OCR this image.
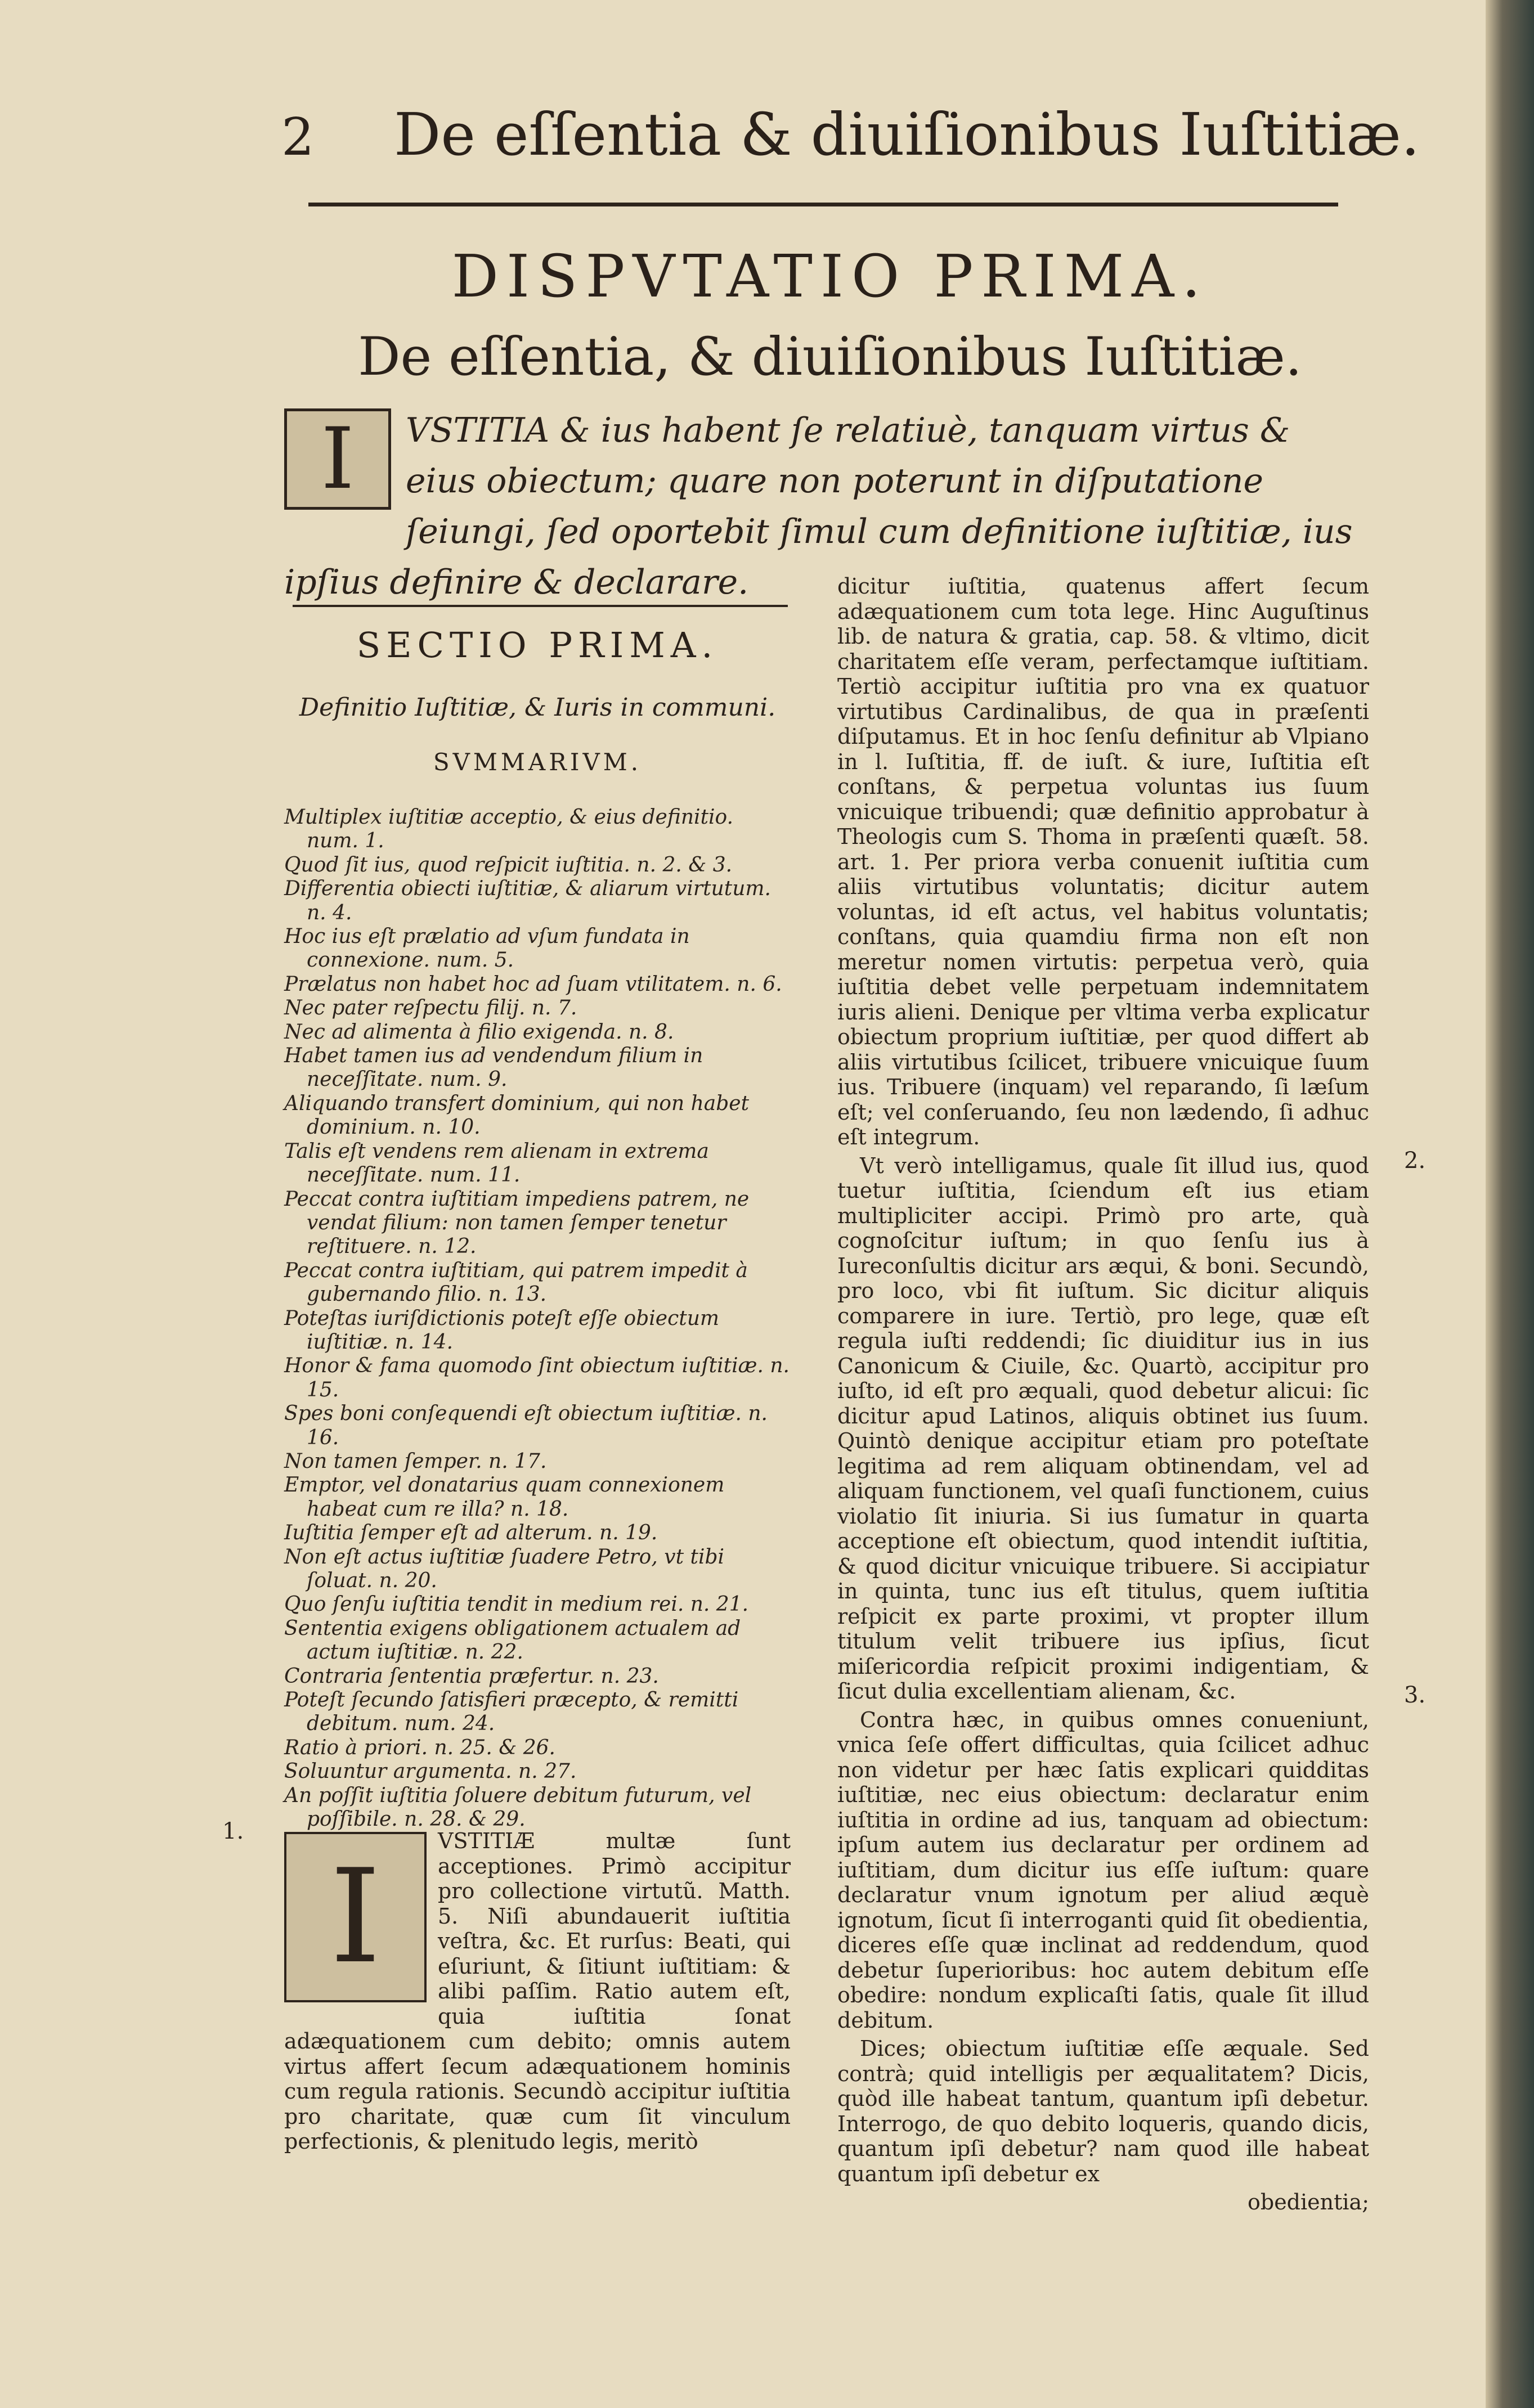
2 De eſſentia & diuiſionibus Iuſtitiæ.
DISPVTATIO PRIMA.
De eſſentia, & diuiſionibus Iuſtitiæ.
I	VSTITIA & ius habent ſe relatiuè, tanquam virtus & eius obiectum; quare non poterunt in diſputatione ſeiungi, ſed oportebit ſimul cum definitione iuſtitiæ, ius ipſius definire & declarare.
SECTIO PRIMA.
Definitio Iuſtitiæ, & Iuris in communi.
SVMMARIVM.
Multiplex iuſtitiæ acceptio, & eius definitio. num. 1.
Quod ſit ius, quod reſpicit iuſtitia. n. 2. & 3.
Differentia obiecti iuſtitiæ, & aliarum virtutum. n. 4.
Hoc ius eſt prælatio ad vſum fundata in connexione. num. 5.
Prælatus non habet hoc ad ſuam vtilitatem. n. 6.
Nec pater reſpectu filij. n. 7.
Nec ad alimenta à filio exigenda. n. 8.
Habet tamen ius ad vendendum filium in neceſſitate. num. 9.
Aliquando transfert dominium, qui non habet dominium. n. 10.
Talis eſt vendens rem alienam in extrema neceſſitate. num. 11.
Peccat contra iuſtitiam impediens patrem, ne vendat filium: non tamen ſemper tenetur reſtituere. n. 12.
Peccat contra iuſtitiam, qui patrem impedit à gubernando filio. n. 13.
Poteſtas iuriſdictionis poteſt eſſe obiectum iuſtitiæ. n. 14.
Honor & fama quomodo ſint obiectum iuſtitiæ. n. 15.
Spes boni conſequendi eſt obiectum iuſtitiæ. n. 16.
Non tamen ſemper. n. 17.
Emptor, vel donatarius quam connexionem habeat cum re illa? n. 18.
Iuſtitia ſemper eſt ad alterum. n. 19.
Non eſt actus iuſtitiæ ſuadere Petro, vt tibi ſoluat. n. 20.
Quo ſenſu iuſtitia tendit in medium rei. n. 21.
Sententia exigens obligationem actualem ad actum iuſtitiæ. n. 22.
Contraria ſententia præfertur. n. 23.
Poteſt ſecundo ſatisfieri præcepto, & remitti debitum. num. 24.
Ratio à priori. n. 25. & 26.
Soluuntur argumenta. n. 27.
An poſſit iuſtitia ſoluere debitum futurum, vel poſſibile. n. 28. & 29.
1.
2.
3.
I
VSTITIÆ multæ ſunt acceptiones. Primò accipitur pro collectione virtutũ. Matth. 5. Niſi abundauerit iuſtitia veſtra, &c. Et rurſus: Beati, qui eſuriunt, & ſitiunt iuſtitiam: & alibi paſſim. Ratio autem eſt, quia iuſtitia ſonat adæquationem cum debito; omnis autem virtus affert ſecum adæquationem hominis cum regula rationis. Secundò accipitur iuſtitia pro charitate, quæ cum ſit vinculum perfectionis, & plenitudo legis, meritò
dicitur iuſtitia, quatenus affert ſecum adæquationem cum tota lege. Hinc Auguſtinus lib. de natura & gratia, cap. 58. & vltimo, dicit charitatem eſſe veram, perfectamque iuſtitiam. Tertiò accipitur iuſtitia pro vna ex quatuor virtutibus Cardinalibus, de qua in præſenti diſputamus. Et in hoc ſenſu definitur ab Vlpiano in l. Iuſtitia, ff. de iuſt. & iure, Iuſtitia eſt conſtans, & perpetua voluntas ius ſuum vnicuique tribuendi; quæ definitio approbatur à Theologis cum S. Thoma in præſenti quæſt. 58. art. 1. Per priora verba conuenit iuſtitia cum aliis virtutibus voluntatis; dicitur autem voluntas, id eſt actus, vel habitus voluntatis; conſtans, quia quamdiu firma non eſt non meretur nomen virtutis: perpetua verò, quia iuſtitia debet velle perpetuam indemnitatem iuris alieni. Denique per vltima verba explicatur obiectum proprium iuſtitiæ, per quod differt ab aliis virtutibus ſcilicet, tribuere vnicuique ſuum ius. Tribuere (inquam) vel reparando, ſi læſum eſt; vel conſeruando, ſeu non lædendo, ſi adhuc eſt integrum.
Vt verò intelligamus, quale ſit illud ius, quod tuetur iuſtitia, ſciendum eſt ius etiam multipliciter accipi. Primò pro arte, quà cognoſcitur iuſtum; in quo ſenſu ius à Iureconſultis dicitur ars æqui, & boni. Secundò, pro loco, vbi fit iuſtum. Sic dicitur aliquis comparere in iure. Tertiò, pro lege, quæ eſt regula iuſti reddendi; ſic diuiditur ius in ius Canonicum & Ciuile, &c. Quartò, accipitur pro iuſto, id eſt pro æquali, quod debetur alicui: ſic dicitur apud Latinos, aliquis obtinet ius ſuum. Quintò denique accipitur etiam pro poteſtate legitima ad rem aliquam obtinendam, vel ad aliquam functionem, vel quaſi functionem, cuius violatio ſit iniuria. Si ius ſumatur in quarta acceptione eſt obiectum, quod intendit iuſtitia, & quod dicitur vnicuique tribuere. Si accipiatur in quinta, tunc ius eſt titulus, quem iuſtitia reſpicit ex parte proximi, vt propter illum titulum velit tribuere ius ipſius, ſicut miſericordia reſpicit proximi indigentiam, & ſicut dulia excellentiam alienam, &c.
Contra hæc, in quibus omnes conueniunt, vnica ſeſe offert difficultas, quia ſcilicet adhuc non videtur per hæc ſatis explicari quidditas iuſtitiæ, nec eius obiectum: declaratur enim iuſtitia in ordine ad ius, tanquam ad obiectum: ipſum autem ius declaratur per ordinem ad iuſtitiam, dum dicitur ius eſſe iuſtum: quare declaratur vnum ignotum per aliud æquè ignotum, ſicut ſi interroganti quid ſit obedientia, diceres eſſe quæ inclinat ad reddendum, quod debetur ſuperioribus: hoc autem debitum eſſe obedire: nondum explicaſti ſatis, quale ſit illud debitum.
Dices; obiectum iuſtitiæ eſſe æquale. Sed contrà; quid intelligis per æqualitatem? Dicis, quòd ille habeat tantum, quantum ipſi debetur. Interrogo, de quo debito loqueris, quando dicis, quantum ipſi debetur? nam quod ille habeat quantum ipſi debetur ex
obedientia;
